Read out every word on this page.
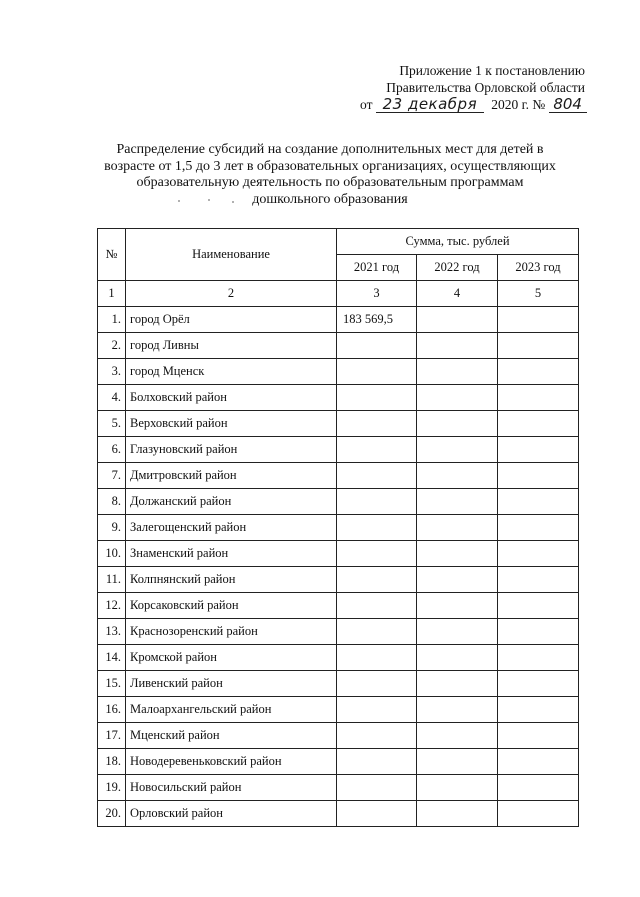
Приложение 1 к постановлению
Правительства Орловской области
от 23 декабря 2020 г. № 804
Распределение субсидий на создание дополнительных мест для детей в
возрасте от 1,5 до 3 лет в образовательных организациях, осуществляющих
образовательную деятельность по образовательным программам
дошкольного образования
№	Наименование	Сумма, тыс. рублей		
		2021 год	2022 год	2023 год
1	2	3	4	5
1.	город Орёл	183 569,5		
2.	город Ливны			
3.	город Мценск			
4.	Болховский район			
5.	Верховский район			
6.	Глазуновский район			
7.	Дмитровский район			
8.	Должанский район			
9.	Залегощенский район			
10.	Знаменский район			
11.	Колпнянский район			
12.	Корсаковский район			
13.	Краснозоренский район			
14.	Кромской район			
15.	Ливенский район			
16.	Малоархангельский район			
17.	Мценский район			
18.	Новодеревеньковский район			
19.	Новосильский район			
20.	Орловский район			
